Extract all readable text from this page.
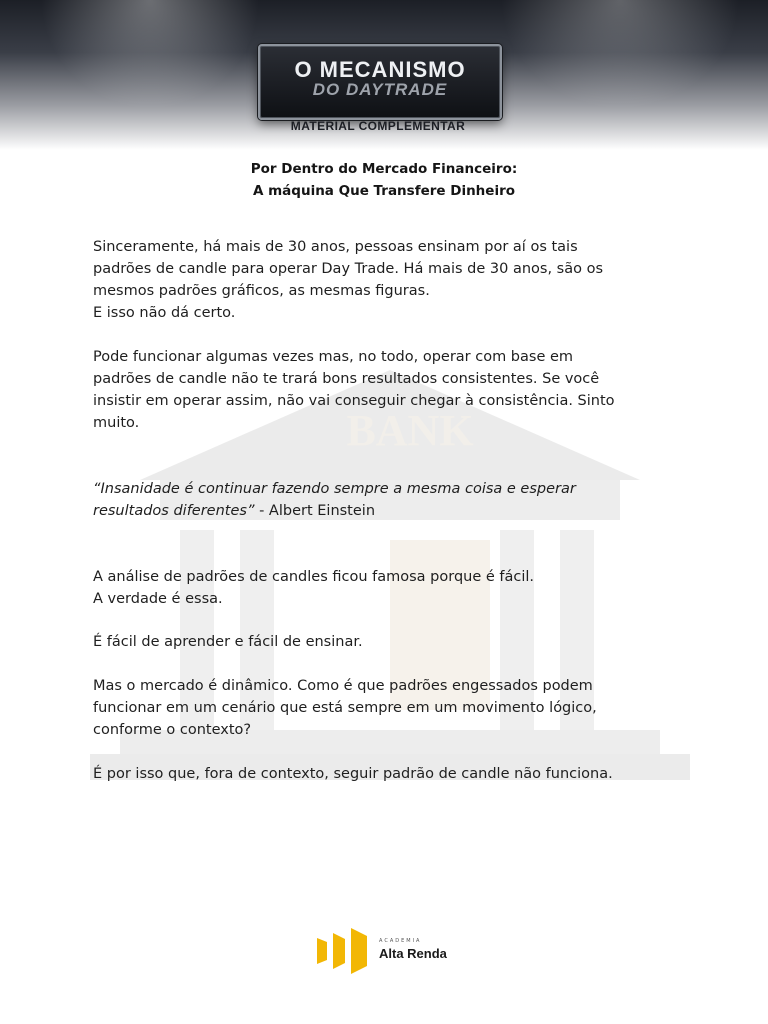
O MECANISMO
DO DAYTRADE
MATERIAL COMPLEMENTAR
BANK
Por Dentro do Mercado Financeiro:
A máquina Que Transfere Dinheiro

Sinceramente, há mais de 30 anos, pessoas ensinam por aí os tais

padrões de candle para operar Day Trade. Há mais de 30 anos, são os

mesmos padrões gráficos, as mesmas figuras.

E isso não dá certo.

Pode funcionar algumas vezes mas, no todo, operar com base em

padrões de candle não te trará bons resultados consistentes. Se você

insistir em operar assim, não vai conseguir chegar à consistência. Sinto

muito.

“Insanidade é continuar fazendo sempre a mesma coisa e esperar

resultados diferentes” - Albert Einstein

A análise de padrões de candles ficou famosa porque é fácil.

A verdade é essa.

É fácil de aprender e fácil de ensinar.

Mas o mercado é dinâmico. Como é que padrões engessados podem

funcionar em um cenário que está sempre em um movimento lógico,

conforme o contexto?

É por isso que, fora de contexto, seguir padrão de candle não funciona.

ACADEMIA
Alta Renda
